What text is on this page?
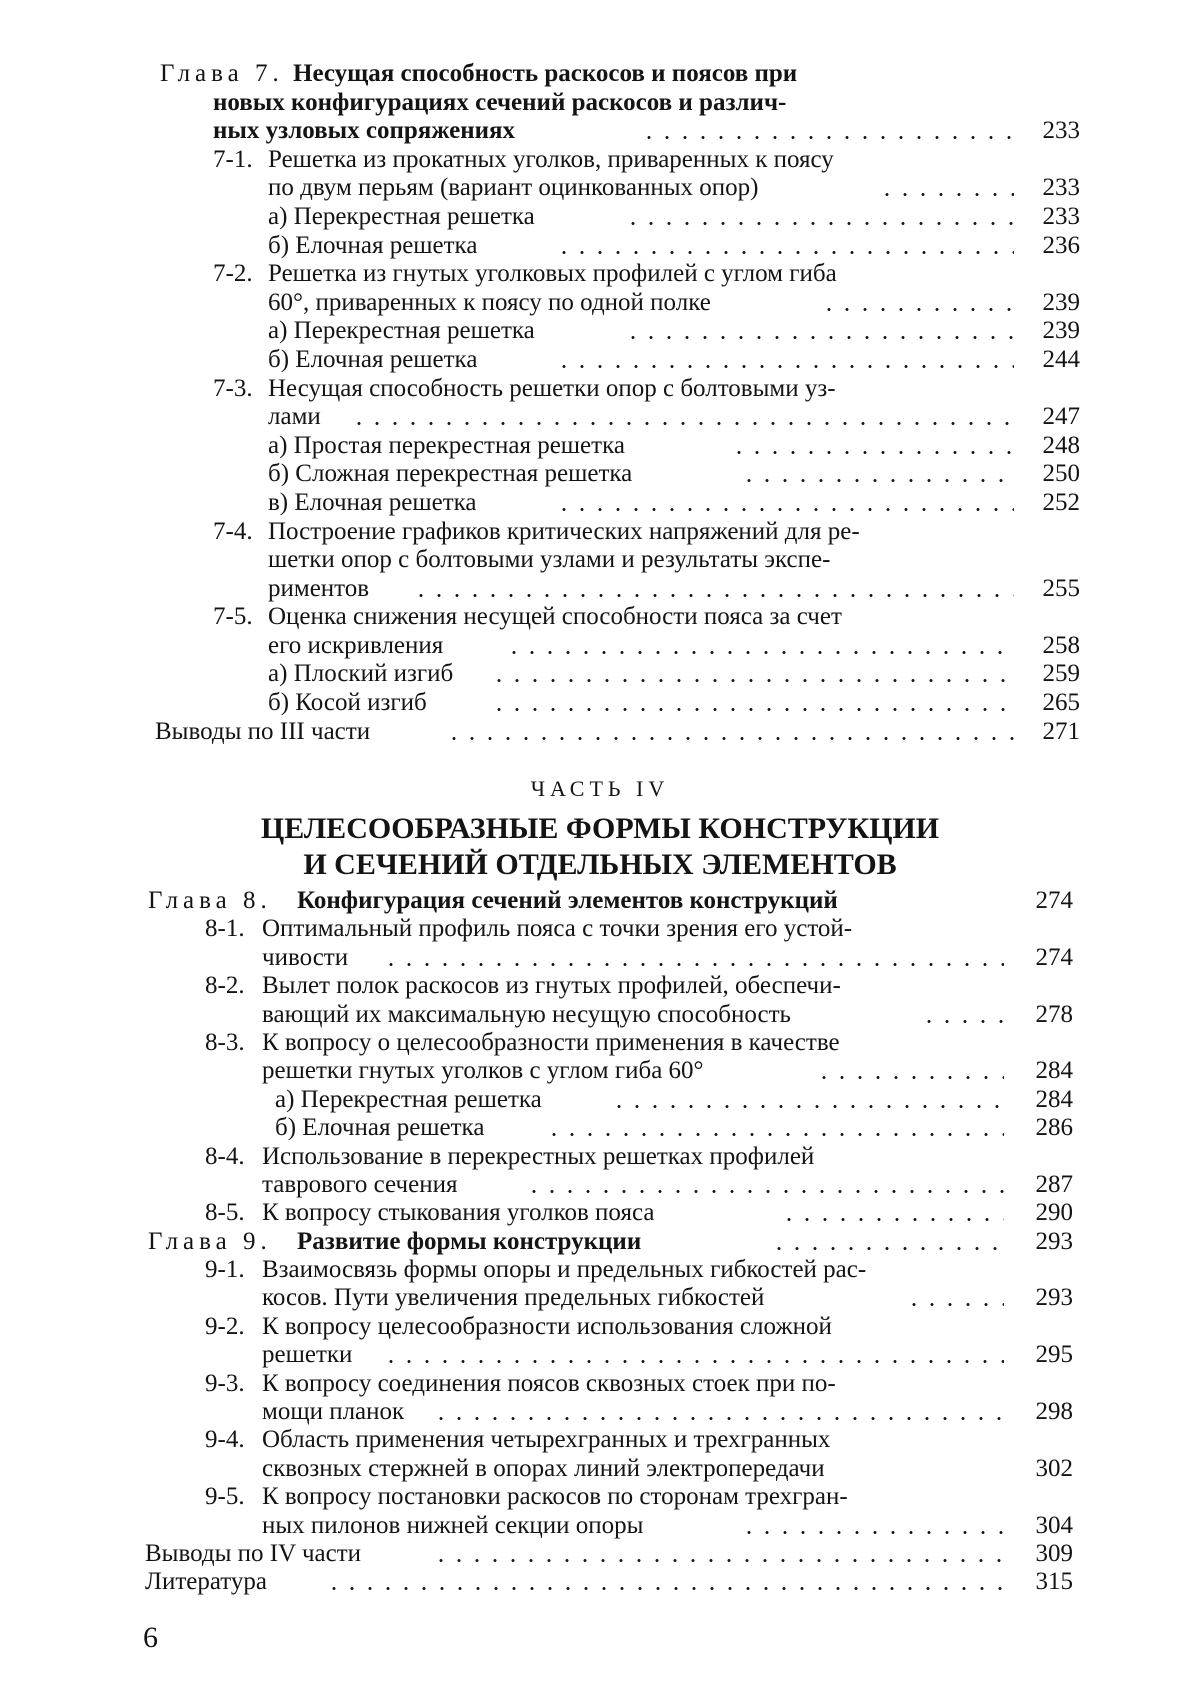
Глава 7. Несущая способность раскосов и поясов при
новых конфигурациях сечений раскосов и различ-
ных узловых сопряжениях	233
7-1. Решетка из прокатных уголков, приваренных к поясу
по двум перьям (вариант оцинкованных опор)	233
а) Перекрестная решетка	233
б) Елочная решетка	236
7-2. Решетка из гнутых уголковых профилей с углом гиба
60°, приваренных к поясу по одной полке	239
а) Перекрестная решетка	239
б) Елочная решетка	244
7-3. Несущая способность решетки опор с болтовыми уз-
лами	247
а) Простая перекрестная решетка	248
б) Сложная перекрестная решетка	250
в) Елочная решетка	252
7-4. Построение графиков критических напряжений для ре-
шетки опор с болтовыми узлами и результаты экспе-
риментов	255
7-5. Оценка снижения несущей способности пояса за счет
его искривления	258
а) Плоский изгиб	259
б) Косой изгиб	265
Выводы по III части	271
ЧАСТЬ IV
ЦЕЛЕСООБРАЗНЫЕ ФОРМЫ КОНСТРУКЦИИ
И СЕЧЕНИЙ ОТДЕЛЬНЫХ ЭЛЕМЕНТОВ
Глава 8. Конфигурация сечений элементов конструкций	274
8-1. Оптимальный профиль пояса с точки зрения его устой-
чивости	274
8-2. Вылет полок раскосов из гнутых профилей, обеспечи-
вающий их максимальную несущую способность	278
8-3. К вопросу о целесообразности применения в качестве
решетки гнутых уголков с углом гиба 60°	284
а) Перекрестная решетка	284
б) Елочная решетка	286
8-4. Использование в перекрестных решетках профилей
таврового сечения	287
8-5. К вопросу стыкования уголков пояса	290
Глава 9. Развитие формы конструкции	293
9-1. Взаимосвязь формы опоры и предельных гибкостей рас-
косов. Пути увеличения предельных гибкостей	293
9-2. К вопросу целесообразности использования сложной
решетки	295
9-3. К вопросу соединения поясов сквозных стоек при по-
мощи планок	298
9-4. Область применения четырехгранных и трехгранных
сквозных стержней в опорах линий электропередачи	302
9-5. К вопросу постановки раскосов по сторонам трехгран-
ных пилонов нижней секции опоры	304
Выводы по IV части	309
Литература	315
6
